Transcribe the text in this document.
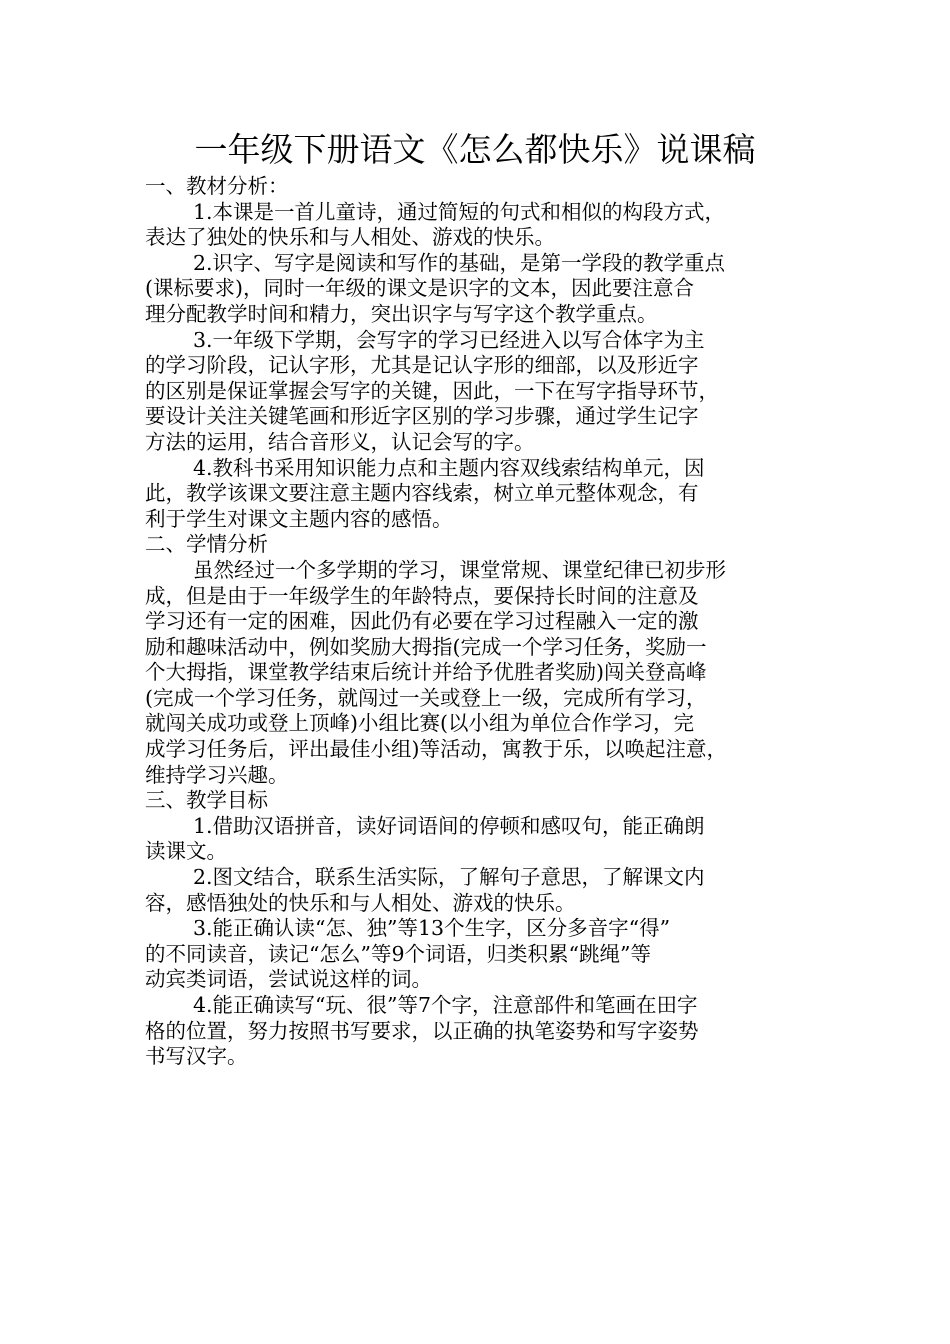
一年级下册语文《怎么都快乐》说课稿
一、教材分析：
1.本课是一首儿童诗，通过简短的句式和相似的构段方式，
表达了独处的快乐和与人相处、游戏的快乐。
2.识字、写字是阅读和写作的基础，是第一学段的教学重点
(课标要求)，同时一年级的课文是识字的文本，因此要注意合
理分配教学时间和精力，突出识字与写字这个教学重点。
3.一年级下学期，会写字的学习已经进入以写合体字为主
的学习阶段，记认字形，尤其是记认字形的细部，以及形近字
的区别是保证掌握会写字的关键，因此，一下在写字指导环节，
要设计关注关键笔画和形近字区别的学习步骤，通过学生记字
方法的运用，结合音形义，认记会写的字。
4.教科书采用知识能力点和主题内容双线索结构单元，因
此，教学该课文要注意主题内容线索，树立单元整体观念，有
利于学生对课文主题内容的感悟。
二、学情分析
虽然经过一个多学期的学习，课堂常规、课堂纪律已初步形
成，但是由于一年级学生的年龄特点，要保持长时间的注意及
学习还有一定的困难，因此仍有必要在学习过程融入一定的激
励和趣味活动中，例如奖励大拇指(完成一个学习任务，奖励一
个大拇指，课堂教学结束后统计并给予优胜者奖励)闯关登高峰
(完成一个学习任务，就闯过一关或登上一级，完成所有学习，
就闯关成功或登上顶峰)小组比赛(以小组为单位合作学习，完
成学习任务后，评出最佳小组)等活动，寓教于乐，以唤起注意，
维持学习兴趣。
三、教学目标
1.借助汉语拼音，读好词语间的停顿和感叹句，能正确朗
读课文。
2.图文结合，联系生活实际，了解句子意思，了解课文内
容，感悟独处的快乐和与人相处、游戏的快乐。
3.能正确认读“怎、独”等13个生字，区分多音字“得”
的不同读音，读记“怎么”等9个词语，归类积累“跳绳”等
动宾类词语，尝试说这样的词。
4.能正确读写“玩、很”等7个字，注意部件和笔画在田字
格的位置，努力按照书写要求，以正确的执笔姿势和写字姿势
书写汉字。
